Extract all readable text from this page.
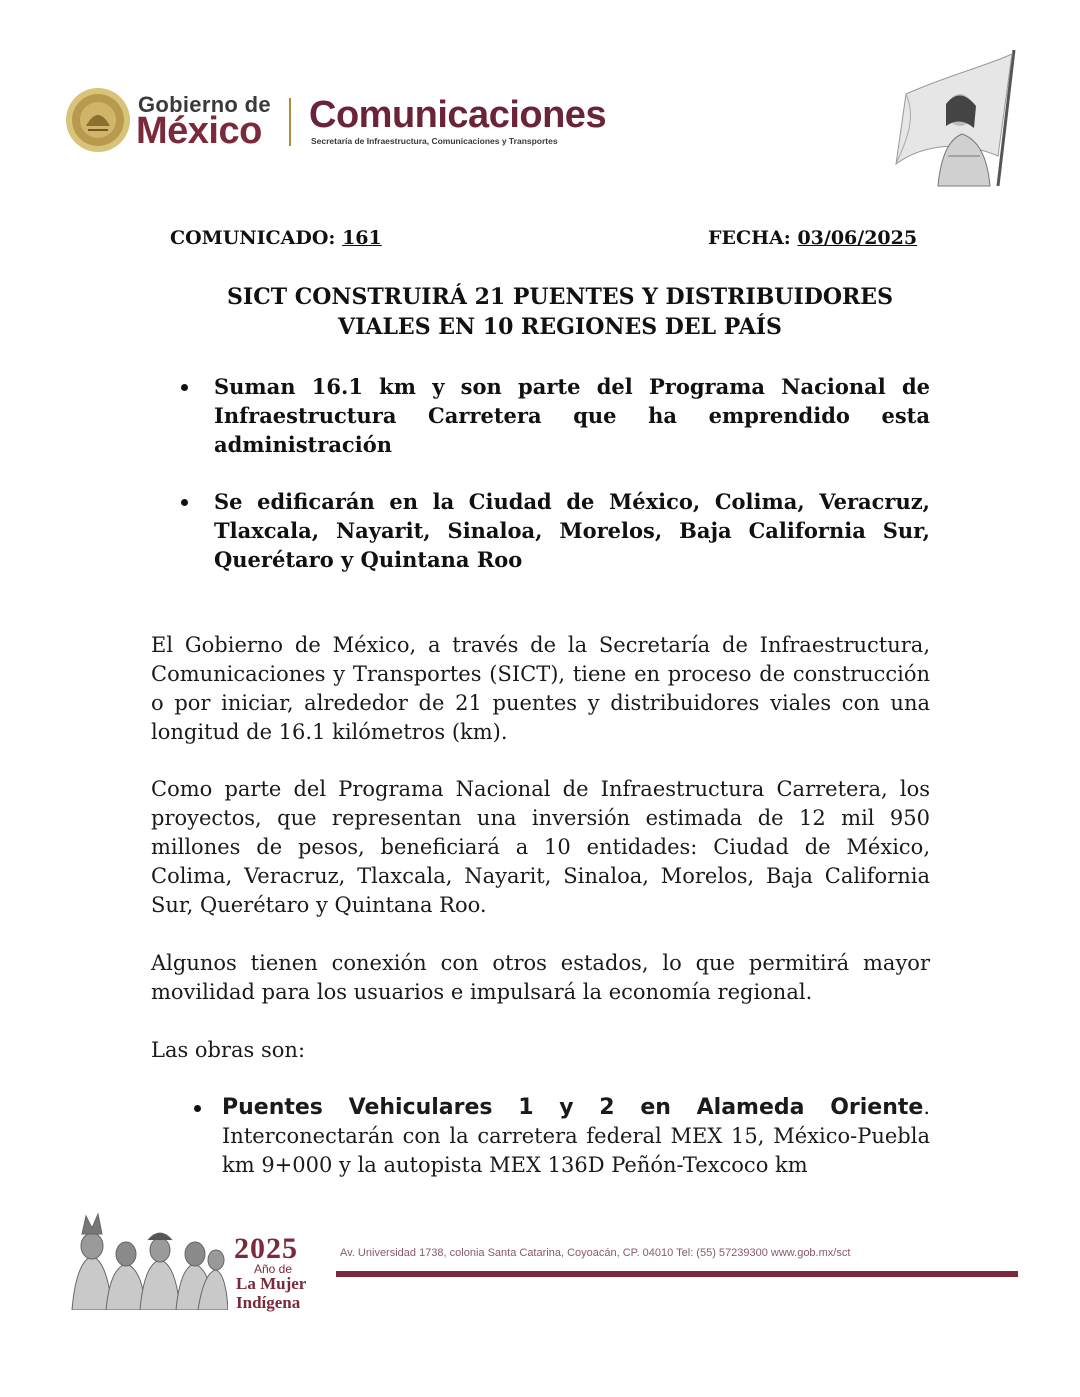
Gobierno de
México Comunicaciones
Secretaría de Infraestructura, Comunicaciones y Transportes
COMUNICADO: 161	FECHA: 03/06/2025
SICT CONSTRUIRÁ 21 PUENTES Y DISTRIBUIDORES
VIALES EN 10 REGIONES DEL PAÍS
Suman 16.1 km y son parte del Programa Nacional de Infraestructura Carretera que ha emprendido esta administración
Se edificarán en la Ciudad de México, Colima, Veracruz, Tlaxcala, Nayarit, Sinaloa, Morelos, Baja California Sur, Querétaro y Quintana Roo

El Gobierno de México, a través de la Secretaría de Infraestructura, Comunicaciones y Transportes (SICT), tiene en proceso de construcción o por iniciar, alrededor de 21 puentes y distribuidores viales con una longitud de 16.1 kilómetros (km).

Como parte del Programa Nacional de Infraestructura Carretera, los proyectos, que representan una inversión estimada de 12 mil 950 millones de pesos, beneficiará a 10 entidades: Ciudad de México, Colima, Veracruz, Tlaxcala, Nayarit, Sinaloa, Morelos, Baja California Sur, Querétaro y Quintana Roo.

Algunos tienen conexión con otros estados, lo que permitirá mayor movilidad para los usuarios e impulsará la economía regional.

Las obras son:

Puentes Vehiculares 1 y 2 en Alameda Oriente. Interconectarán con la carretera federal MEX 15, México-Puebla km 9+000 y la autopista MEX 136D Peñón-Texcoco km
2025
Año de
La Mujer
Indígena
Av. Universidad 1738, colonia Santa Catarina, Coyoacán, CP. 04010 Tel: (55) 57239300 www.gob.mx/sct
